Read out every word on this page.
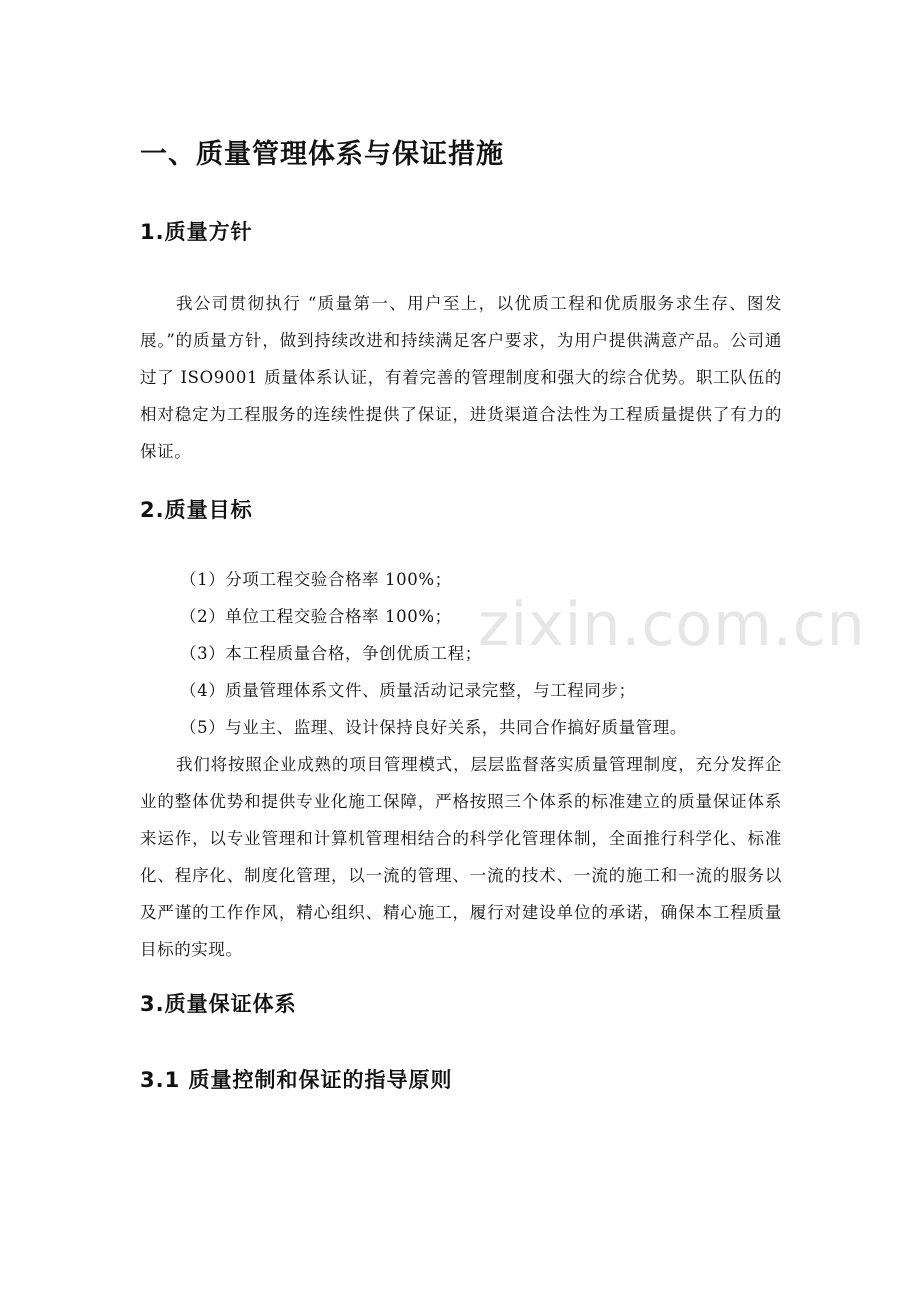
zixin.com.cn
一、质量管理体系与保证措施
1.质量方针

我公司贯彻执行 “质量第一、用户至上，以优质工程和优质服务求生存、图发展。”的质量方针，做到持续改进和持续满足客户要求，为用户提供满意产品。公司通过了 ISO9001 质量体系认证，有着完善的管理制度和强大的综合优势。职工队伍的相对稳定为工程服务的连续性提供了保证，进货渠道合法性为工程质量提供了有力的保证。

2.质量目标
（1）分项工程交验合格率 100%；
（2）单位工程交验合格率 100%；
（3）本工程质量合格，争创优质工程；
（4）质量管理体系文件、质量活动记录完整，与工程同步；
（5）与业主、监理、设计保持良好关系，共同合作搞好质量管理。

我们将按照企业成熟的项目管理模式，层层监督落实质量管理制度，充分发挥企业的整体优势和提供专业化施工保障，严格按照三个体系的标准建立的质量保证体系来运作，以专业管理和计算机管理相结合的科学化管理体制，全面推行科学化、标准化、程序化、制度化管理，以一流的管理、一流的技术、一流的施工和一流的服务以及严谨的工作作风，精心组织、精心施工，履行对建设单位的承诺，确保本工程质量目标的实现。

3.质量保证体系
3.1 质量控制和保证的指导原则
